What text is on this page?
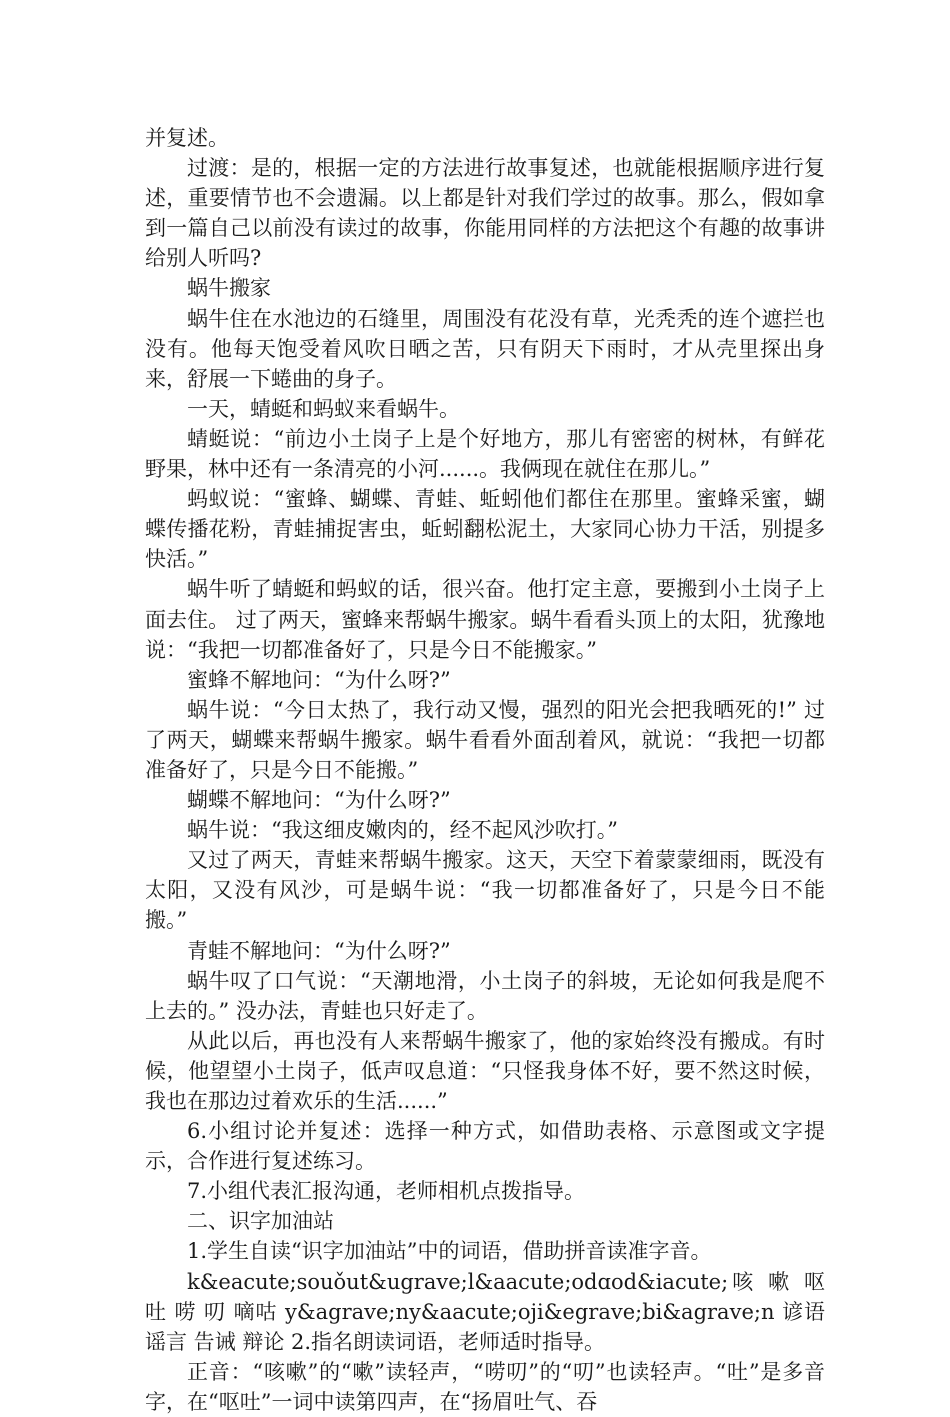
并复述。

过渡：是的，根据一定的方法进行故事复述，也就能根据顺序进行复述，重要情节也不会遗漏。以上都是针对我们学过的故事。那么，假如拿到一篇自己以前没有读过的故事，你能用同样的方法把这个有趣的故事讲给别人听吗?

蜗牛搬家

蜗牛住在水池边的石缝里，周围没有花没有草，光秃秃的连个遮拦也没有。他每天饱受着风吹日晒之苦，只有阴天下雨时，才从壳里探出身来，舒展一下蜷曲的身子。

一天，蜻蜓和蚂蚁来看蜗牛。

蜻蜓说：“前边小土岗子上是个好地方，那儿有密密的树林，有鲜花野果，林中还有一条清亮的小河......。我俩现在就住在那儿。”

蚂蚁说：“蜜蜂、蝴蝶、青蛙、蚯蚓他们都住在那里。蜜蜂采蜜，蝴蝶传播花粉，青蛙捕捉害虫，蚯蚓翻松泥土，大家同心协力干活，别提多快活。”

蜗牛听了蜻蜓和蚂蚁的话，很兴奋。他打定主意，要搬到小土岗子上面去住。 过了两天，蜜蜂来帮蜗牛搬家。蜗牛看看头顶上的太阳，犹豫地说：“我把一切都准备好了，只是今日不能搬家。”

蜜蜂不解地问：“为什么呀?”

蜗牛说：“今日太热了，我行动又慢，强烈的阳光会把我晒死的!” 过了两天，蝴蝶来帮蜗牛搬家。蜗牛看看外面刮着风，就说：“我把一切都准备好了，只是今日不能搬。”

蝴蝶不解地问：“为什么呀?”

蜗牛说：“我这细皮嫩肉的，经不起风沙吹打。”

又过了两天，青蛙来帮蜗牛搬家。这天，天空下着蒙蒙细雨，既没有太阳，又没有风沙，可是蜗牛说：“我一切都准备好了，只是今日不能搬。”

青蛙不解地问：“为什么呀?”

蜗牛叹了口气说：“天潮地滑，小土岗子的斜坡，无论如何我是爬不上去的。” 没办法，青蛙也只好走了。

从此以后，再也没有人来帮蜗牛搬家了，他的家始终没有搬成。有时候，他望望小土岗子，低声叹息道：“只怪我身体不好，要不然这时候，我也在那边过着欢乐的生活......”

6.小组讨论并复述：选择一种方式，如借助表格、示意图或文字提示，合作进行复述练习。

7.小组代表汇报沟通，老师相机点拨指导。

二、识字加油站

1.学生自读“识字加油站”中的词语，借助拼音读准字音。

k&eacute;souǒut&ugrave;l&aacute;odɑod&iacute;咳 嗽 呕吐 唠 叨 嘀咕 y&agrave;ny&aacute;oji&egrave;bi&agrave;n 谚语 谣言 告诫 辩论 2.指名朗读词语，老师适时指导。

正音：“咳嗽”的“嗽”读轻声，“唠叨”的“叨”也读轻声。“吐”是多音字，在“呕吐”一词中读第四声，在“扬眉吐气、吞
